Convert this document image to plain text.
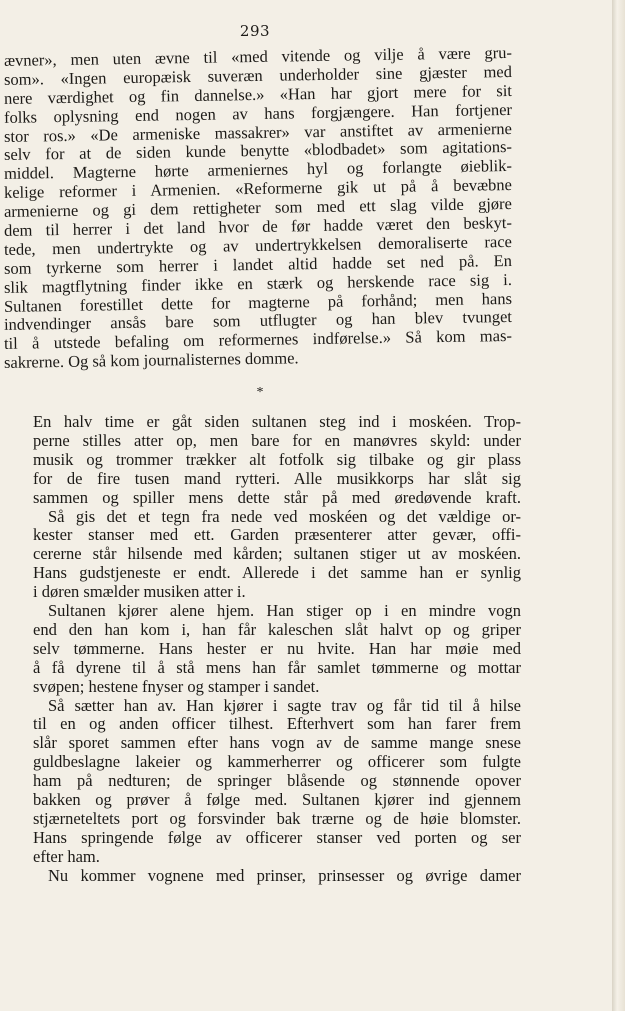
293
ævner», men uten ævne til «med vitende og vilje å være gru-
som». «Ingen europæisk suveræn underholder sine gjæster med
nere værdighet og fin dannelse.» «Han har gjort mere for sit
folks oplysning end nogen av hans forgjængere. Han fortjener
stor ros.» «De armeniske massakrer» var anstiftet av armenierne
selv for at de siden kunde benytte «blodbadet» som agitations-
middel. Magterne hørte armeniernes hyl og forlangte øieblik-
kelige reformer i Armenien. «Reformerne gik ut på å bevæbne
armenierne og gi dem rettigheter som med ett slag vilde gjøre
dem til herrer i det land hvor de før hadde været den beskyt-
tede, men undertrykte og av undertrykkelsen demoraliserte race
som tyrkerne som herrer i landet altid hadde set ned på. En
slik magtflytning finder ikke en stærk og herskende race sig i.
Sultanen forestillet dette for magterne på forhånd; men hans
indvendinger ansås bare som utflugter og han blev tvunget
til å utstede befaling om reformernes indførelse.» Så kom mas-
sakrerne. Og så kom journalisternes domme.
*
En halv time er gåt siden sultanen steg ind i moskéen. Trop-
perne stilles atter op, men bare for en manøvres skyld: under
musik og trommer trækker alt fotfolk sig tilbake og gir plass
for de fire tusen mand rytteri. Alle musikkorps har slåt sig
sammen og spiller mens dette står på med øredøvende kraft.
Så gis det et tegn fra nede ved moskéen og det vældige or-
kester stanser med ett. Garden præsenterer atter gevær, offi-
cererne står hilsende med kården; sultanen stiger ut av moskéen.
Hans gudstjeneste er endt. Allerede i det samme han er synlig
i døren smælder musiken atter i.
Sultanen kjører alene hjem. Han stiger op i en mindre vogn
end den han kom i, han får kaleschen slåt halvt op og griper
selv tømmerne. Hans hester er nu hvite. Han har møie med
å få dyrene til å stå mens han får samlet tømmerne og mottar
svøpen; hestene fnyser og stamper i sandet.
Så sætter han av. Han kjører i sagte trav og får tid til å hilse
til en og anden officer tilhest. Efterhvert som han farer frem
slår sporet sammen efter hans vogn av de samme mange snese
guldbeslagne lakeier og kammerherrer og officerer som fulgte
ham på nedturen; de springer blåsende og stønnende opover
bakken og prøver å følge med. Sultanen kjører ind gjennem
stjærneteltets port og forsvinder bak trærne og de høie blomster.
Hans springende følge av officerer stanser ved porten og ser
efter ham.
Nu kommer vognene med prinser, prinsesser og øvrige damer
